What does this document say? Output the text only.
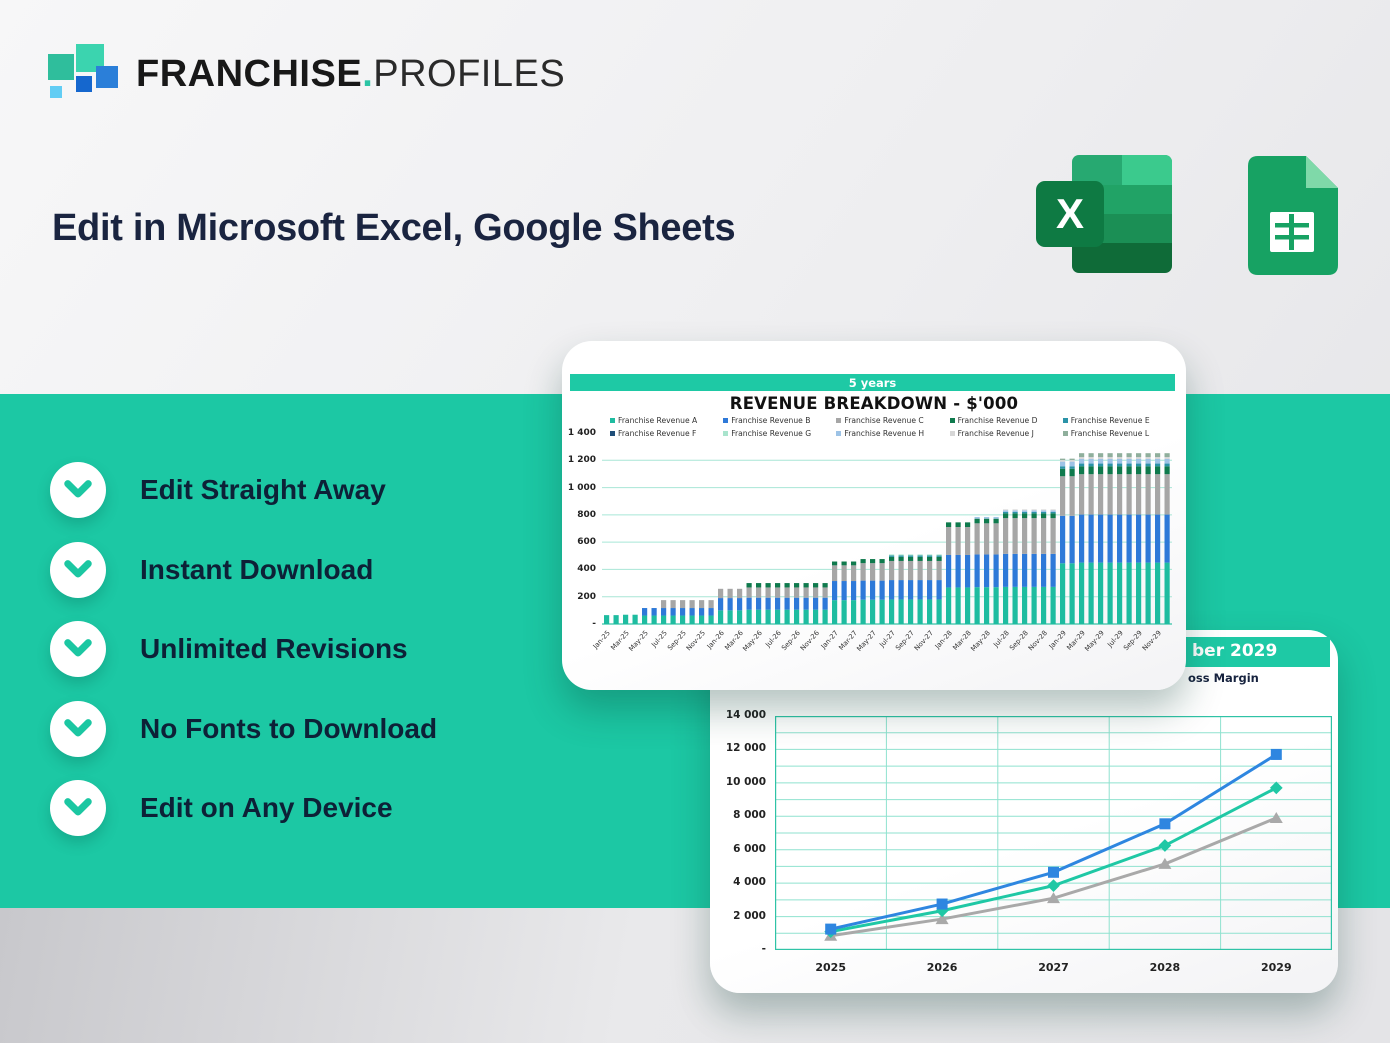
FRANCHISE.PROFILES
Edit in Microsoft Excel, Google Sheets	X
Edit Straight Away
Instant Download
Unlimited Revisions
No Fonts to Download
Edit on Any Device
ber 2029
oss Margin
14 000
12 000
10 000
8 000
6 000
4 000
2 000
-
2025	2026	2027	2028	2029
5 years
REVENUE BREAKDOWN - $'000
Franchise Revenue A	Franchise Revenue B	Franchise Revenue C	Franchise Revenue D	Franchise Revenue E
Franchise Revenue F	Franchise Revenue G	Franchise Revenue H	Franchise Revenue J	Franchise Revenue L
1 400
1 200
1 000
800
600
400
200
-
Jan-25
Mar-25
May-25 Jul-25
Sep-25
Nov-25
Jan-26
Mar-26
May-26 Jul-26
Sep-26
Nov-26
Jan-27
Mar-27
May-27 Jul-27
Sep-27
Nov-27
Jan-28
Mar-28
May-28 Jul-28
Sep-28
Nov-28
Jan-29
Mar-29
May-29 Jul-29
Sep-29
Nov-29
